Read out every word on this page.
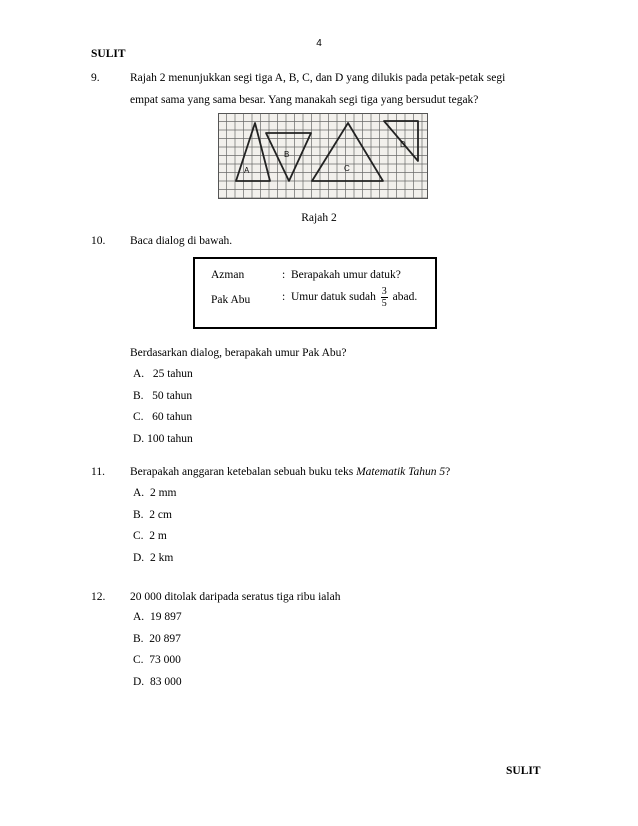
4
SULIT
9.	Rajah 2 menunjukkan segi tiga A, B, C, dan D yang dilukis pada petak-petak segi
empat sama yang sama besar. Yang manakah segi tiga yang bersudut tegak?
A
B
C
D
Rajah 2
10. Baca dialog di bawah.
Azman	: Berapakah umur datuk?
Pak Abu	: Umur datuk sudah $\frac{3}{5}$ abad.
Berdasarkan dialog, berapakah umur Pak Abu?
A. 25 tahun
B. 50 tahun
C. 60 tahun
D. 100 tahun
11. Berapakah anggaran ketebalan sebuah buku teks Matematik Tahun 5?
A. 2 mm
B. 2 cm
C. 2 m
D. 2 km
12. 20 000 ditolak daripada seratus tiga ribu ialah
A. 19 897
B. 20 897
C. 73 000
D. 83 000
SULIT
